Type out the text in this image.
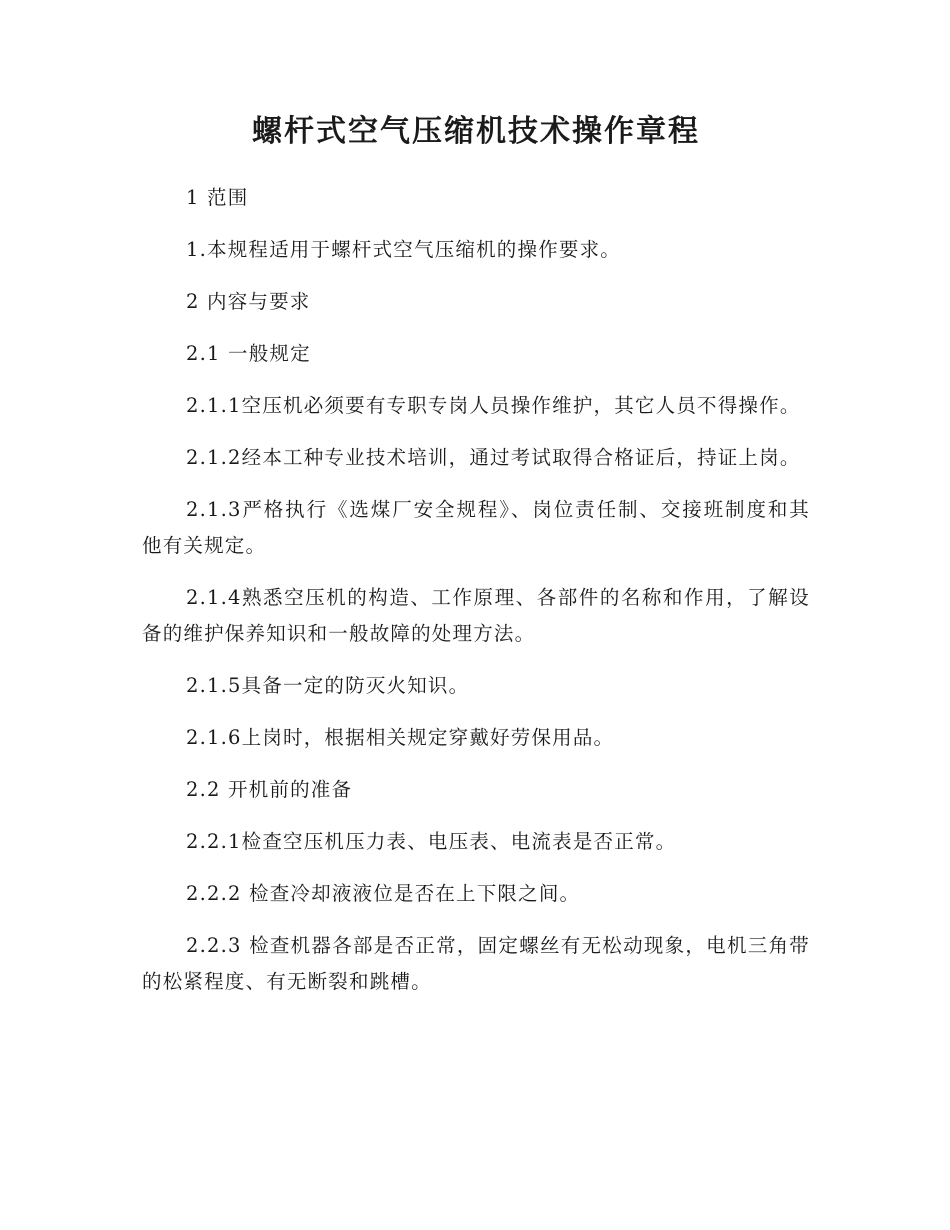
螺杆式空气压缩机技术操作章程

1 范围

1.本规程适用于螺杆式空气压缩机的操作要求。

2 内容与要求

2.1 一般规定

2.1.1空压机必须要有专职专岗人员操作维护，其它人员不得操作。

2.1.2经本工种专业技术培训，通过考试取得合格证后，持证上岗。

2.1.3严格执行《选煤厂安全规程》、岗位责任制、交接班制度和其他有关规定。

2.1.4熟悉空压机的构造、工作原理、各部件的名称和作用，了解设备的维护保养知识和一般故障的处理方法。

2.1.5具备一定的防灭火知识。

2.1.6上岗时，根据相关规定穿戴好劳保用品。

2.2 开机前的准备

2.2.1检查空压机压力表、电压表、电流表是否正常。

2.2.2 检查冷却液液位是否在上下限之间。

2.2.3 检查机器各部是否正常，固定螺丝有无松动现象，电机三角带的松紧程度、有无断裂和跳槽。
